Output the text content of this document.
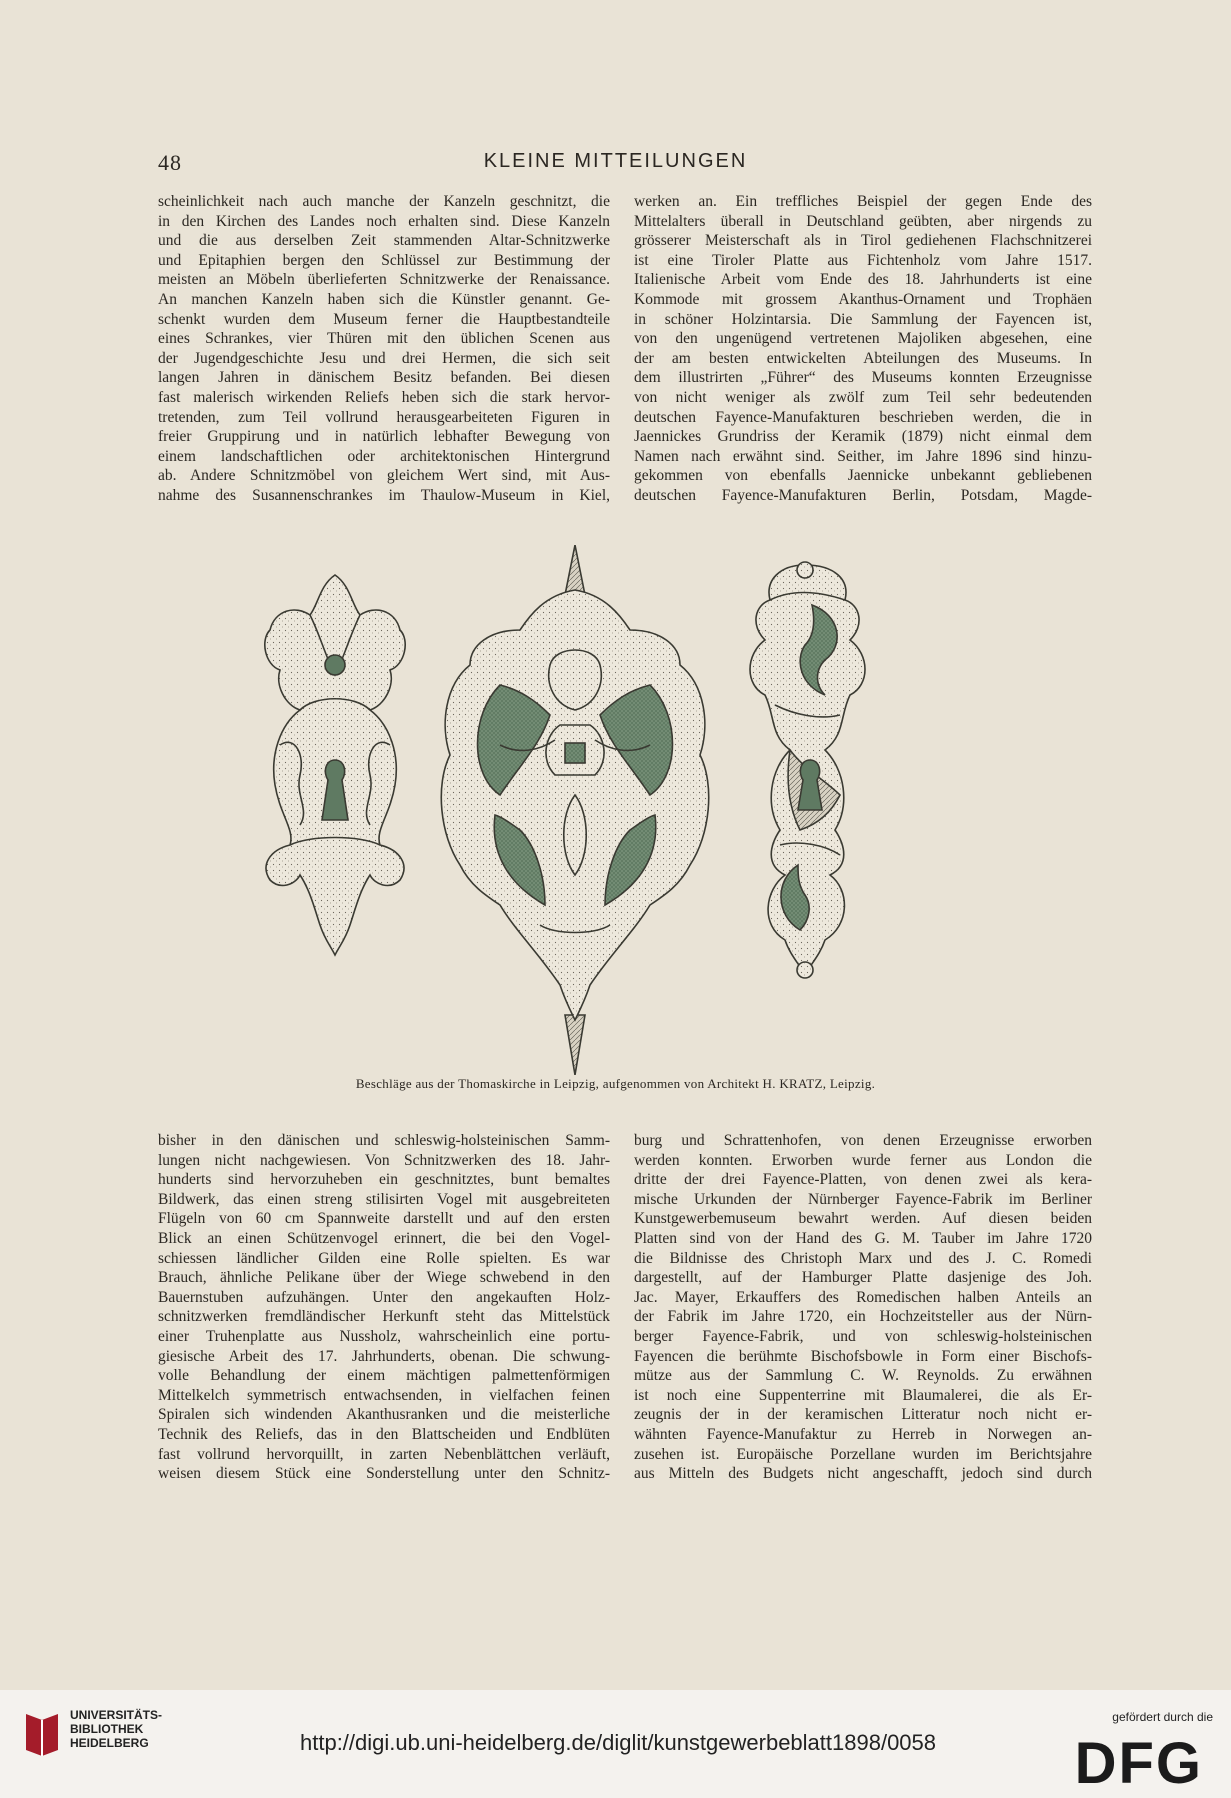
48	KLEINE MITTEILUNGEN
scheinlichkeit nach auch manche der Kanzeln geschnitzt, die
in den Kirchen des Landes noch erhalten sind. Diese Kanzeln
und die aus derselben Zeit stammenden Altar-Schnitzwerke
und Epitaphien bergen den Schlüssel zur Bestimmung der
meisten an Möbeln überlieferten Schnitzwerke der Renaissance.
An manchen Kanzeln haben sich die Künstler genannt. Ge-
schenkt wurden dem Museum ferner die Hauptbestandteile
eines Schrankes, vier Thüren mit den üblichen Scenen aus
der Jugendgeschichte Jesu und drei Hermen, die sich seit
langen Jahren in dänischem Besitz befanden. Bei diesen
fast malerisch wirkenden Reliefs heben sich die stark hervor-
tretenden, zum Teil vollrund herausgearbeiteten Figuren in
freier Gruppirung und in natürlich lebhafter Bewegung von
einem landschaftlichen oder architektonischen Hintergrund
ab. Andere Schnitzmöbel von gleichem Wert sind, mit Aus-
nahme des Susannenschrankes im Thaulow-Museum in Kiel,
werken an. Ein treffliches Beispiel der gegen Ende des
Mittelalters überall in Deutschland geübten, aber nirgends zu
grösserer Meisterschaft als in Tirol gediehenen Flachschnitzerei
ist eine Tiroler Platte aus Fichtenholz vom Jahre 1517.
Italienische Arbeit vom Ende des 18. Jahrhunderts ist eine
Kommode mit grossem Akanthus-Ornament und Trophäen
in schöner Holzintarsia. Die Sammlung der Fayencen ist,
von den ungenügend vertretenen Majoliken abgesehen, eine
der am besten entwickelten Abteilungen des Museums. In
dem illustrirten „Führer“ des Museums konnten Erzeugnisse
von nicht weniger als zwölf zum Teil sehr bedeutenden
deutschen Fayence-Manufakturen beschrieben werden, die in
Jaennickes Grundriss der Keramik (1879) nicht einmal dem
Namen nach erwähnt sind. Seither, im Jahre 1896 sind hinzu-
gekommen von ebenfalls Jaennicke unbekannt gebliebenen
deutschen Fayence-Manufakturen Berlin, Potsdam, Magde-
Beschläge aus der Thomaskirche in Leipzig, aufgenommen von Architekt H. KRATZ, Leipzig.
bisher in den dänischen und schleswig-holsteinischen Samm-
lungen nicht nachgewiesen. Von Schnitzwerken des 18. Jahr-
hunderts sind hervorzuheben ein geschnitztes, bunt bemaltes
Bildwerk, das einen streng stilisirten Vogel mit ausgebreiteten
Flügeln von 60 cm Spannweite darstellt und auf den ersten
Blick an einen Schützenvogel erinnert, die bei den Vogel-
schiessen ländlicher Gilden eine Rolle spielten. Es war
Brauch, ähnliche Pelikane über der Wiege schwebend in den
Bauernstuben aufzuhängen. Unter den angekauften Holz-
schnitzwerken fremdländischer Herkunft steht das Mittelstück
einer Truhenplatte aus Nussholz, wahrscheinlich eine portu-
giesische Arbeit des 17. Jahrhunderts, obenan. Die schwung-
volle Behandlung der einem mächtigen palmettenförmigen
Mittelkelch symmetrisch entwachsenden, in vielfachen feinen
Spiralen sich windenden Akanthusranken und die meisterliche
Technik des Reliefs, das in den Blattscheiden und Endblüten
fast vollrund hervorquillt, in zarten Nebenblättchen verläuft,
weisen diesem Stück eine Sonderstellung unter den Schnitz-
burg und Schrattenhofen, von denen Erzeugnisse erworben
werden konnten. Erworben wurde ferner aus London die
dritte der drei Fayence-Platten, von denen zwei als kera-
mische Urkunden der Nürnberger Fayence-Fabrik im Berliner
Kunstgewerbemuseum bewahrt werden. Auf diesen beiden
Platten sind von der Hand des G. M. Tauber im Jahre 1720
die Bildnisse des Christoph Marx und des J. C. Romedi
dargestellt, auf der Hamburger Platte dasjenige des Joh.
Jac. Mayer, Erkauffers des Romedischen halben Anteils an
der Fabrik im Jahre 1720, ein Hochzeitsteller aus der Nürn-
berger Fayence-Fabrik, und von schleswig-holsteinischen
Fayencen die berühmte Bischofsbowle in Form einer Bischofs-
mütze aus der Sammlung C. W. Reynolds. Zu erwähnen
ist noch eine Suppenterrine mit Blaumalerei, die als Er-
zeugnis der in der keramischen Litteratur noch nicht er-
wähnten Fayence-Manufaktur zu Herreb in Norwegen an-
zusehen ist. Europäische Porzellane wurden im Berichtsjahre
aus Mitteln des Budgets nicht angeschafft, jedoch sind durch
UNIVERSITÄTS-
BIBLIOTHEK
HEIDELBERG	http://digi.ub.uni-heidelberg.de/diglit/kunstgewerbeblatt1898/0058
gefördert durch die
DFG
